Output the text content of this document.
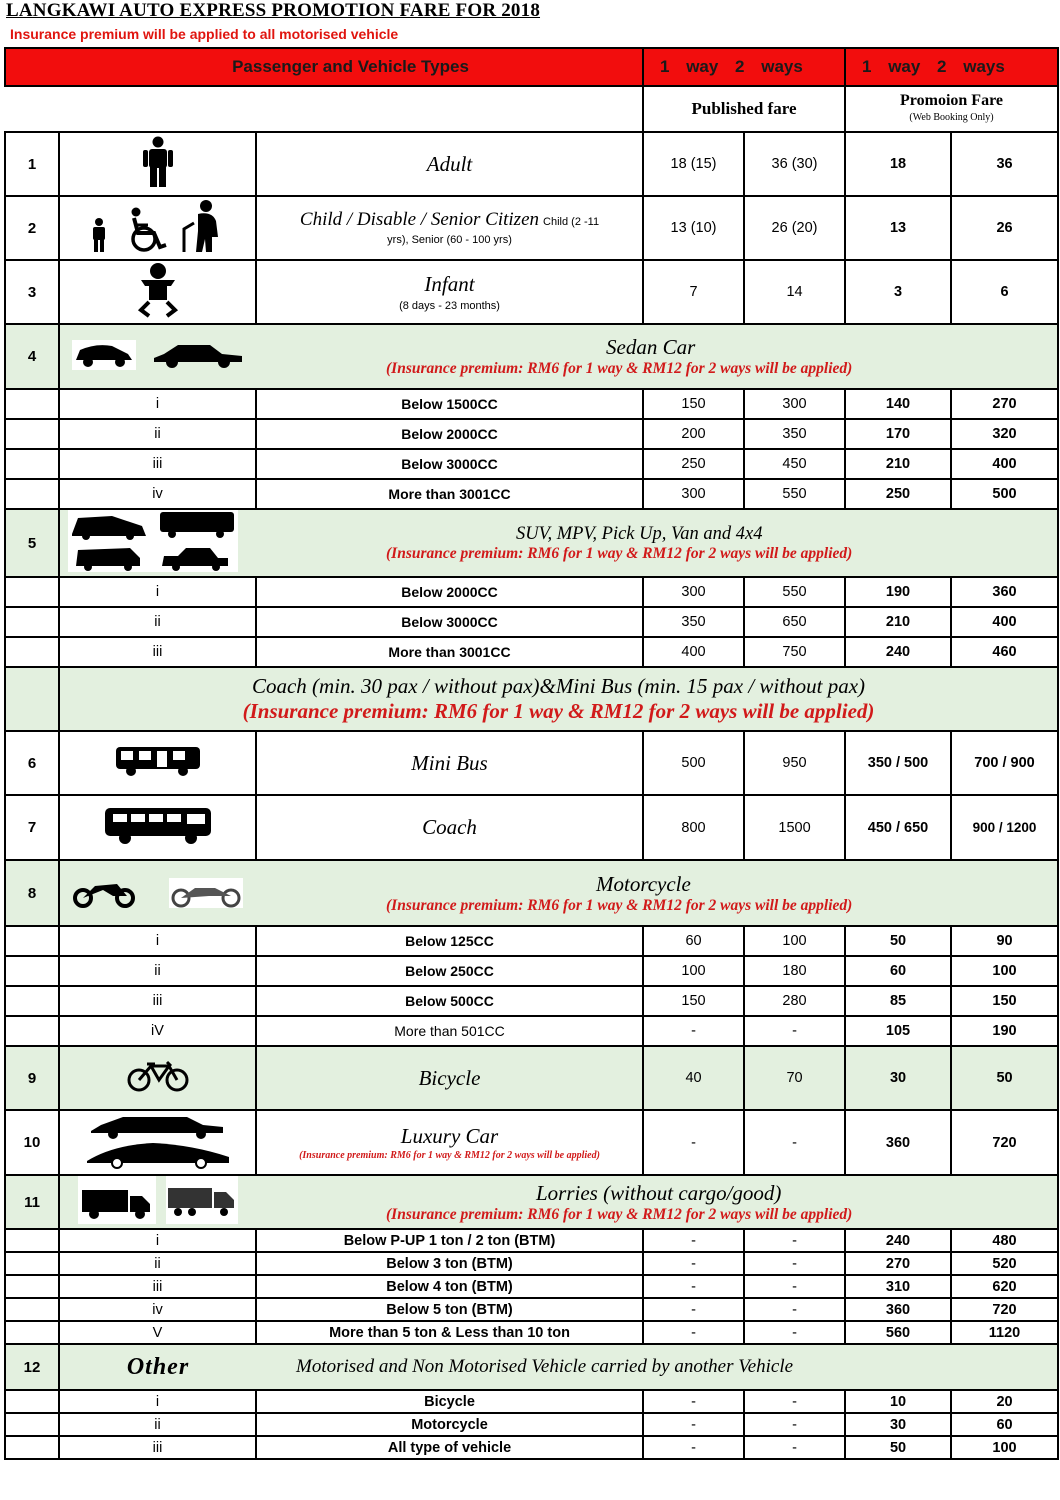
LANGKAWI AUTO EXPRESS PROMOTION FARE FOR 2018
Insurance premium will be applied to all motorised vehicle
	Passenger and Vehicle Types		1 way 2 ways		1 way 2 ways	
			Published fare		Promoion Fare
(Web Booking Only)	

1		Adult	18 (15)	36 (30)	18	36
2		Child / Disable / Senior Citizen Child (2 -11
yrs), Senior (60 - 100 yrs)	13 (10)	26 (20)	13	26
3		Infant
(8 days - 23 months)	7	14	3	6
4		Sedan Car
(Insurance premium: RM6 for 1 way & RM12 for 2 ways will be applied)				

	i	Below 1500CC	150	300	140	270
	ii	Below 2000CC	200	350	170	320
	iii	Below 3000CC	250	450	210	400
	iv	More than 3001CC	300	550	250	500
5		SUV, MPV, Pick Up, Van and 4x4
(Insurance premium: RM6 for 1 way & RM12 for 2 ways will be applied)				

	i	Below 2000CC	300	550	190	360
	ii	Below 3000CC	350	650	210	400
	iii	More than 3001CC	400	750	240	460

	Coach (min. 30 pax / without pax)&Mini Bus (min. 15 pax / without pax)
(Insurance premium: RM6 for 1 way & RM12 for 2 ways will be applied)					

6		Mini Bus	500	950	350 / 500	700 / 900
7		Coach	800	1500	450 / 650	900 / 1200
8		Motorcycle
(Insurance premium: RM6 for 1 way & RM12 for 2 ways will be applied)				

	i	Below 125CC	60	100	50	90
	ii	Below 250CC	100	180	60	100
	iii	Below 500CC	150	280	85	150
	iV	More than 501CC	-	-	105	190
9		Bicycle	40	70	30	50
10		Luxury Car
(Insurance premium: RM6 for 1 way & RM12 for 2 ways will be applied)	-	-	360	720
11		Lorries (without cargo/good)
(Insurance premium: RM6 for 1 way & RM12 for 2 ways will be applied)				

	i	Below P-UP 1 ton / 2 ton (BTM)	-	-	240	480
	ii	Below 3 ton (BTM)	-	-	270	520
	iii	Below 4 ton (BTM)	-	-	310	620
	iv	Below 5 ton (BTM)	-	-	360	720
	V	More than 5 ton & Less than 10 ton	-	-	560	1120
12	Other	Motorised and Non Motorised Vehicle carried by another Vehicle				
	i	Bicycle	-	-	10	20
	ii	Motorcycle	-	-	30	60
	iii	All type of vehicle	-	-	50	100
